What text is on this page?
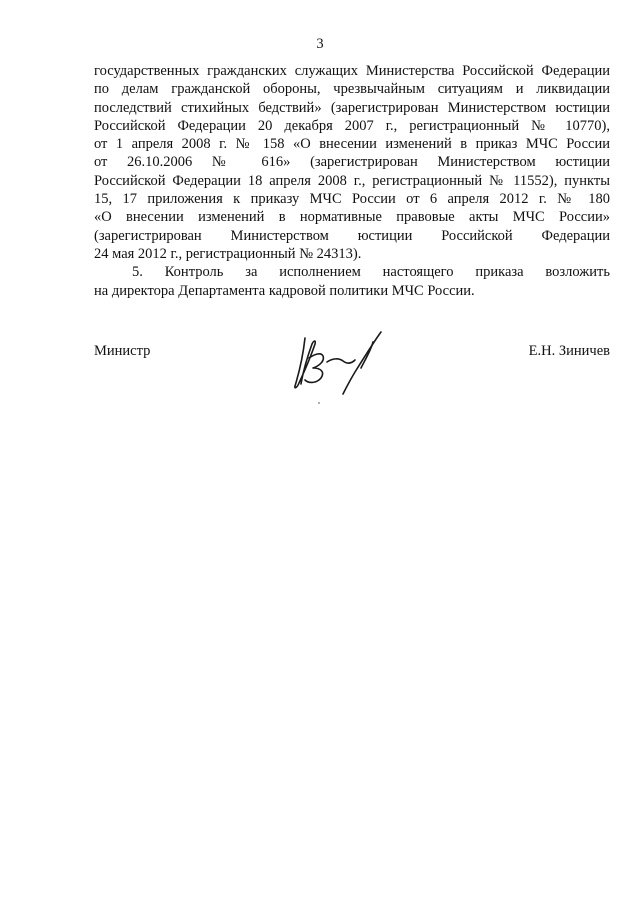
3
государственных гражданских служащих Министерства Российской Федерации
по делам гражданской обороны, чрезвычайным ситуациям и ликвидации
последствий стихийных бедствий» (зарегистрирован Министерством юстиции
Российской Федерации 20 декабря 2007 г., регистрационный № 10770),
от 1 апреля 2008 г. № 158 «О внесении изменений в приказ МЧС России
от 26.10.2006 № 616» (зарегистрирован Министерством юстиции
Российской Федерации 18 апреля 2008 г., регистрационный № 11552), пункты
15, 17 приложения к приказу МЧС России от 6 апреля 2012 г. № 180
«О внесении изменений в нормативные правовые акты МЧС России»
(зарегистрирован Министерством юстиции Российской Федерации
24 мая 2012 г., регистрационный № 24313).
5. Контроль за исполнением настоящего приказа возложить
на директора Департамента кадровой политики МЧС России.
Министр	Е.Н. Зиничев
